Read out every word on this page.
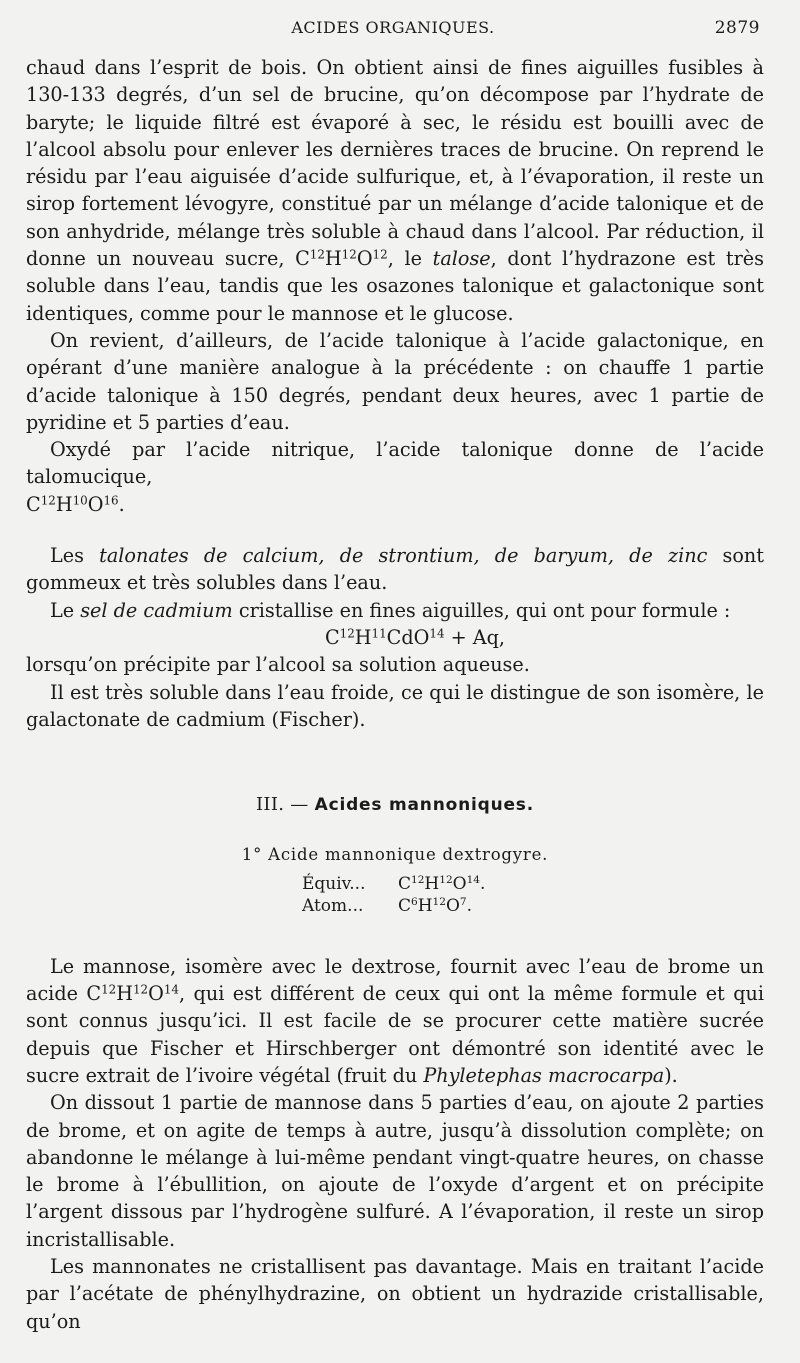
ACIDES ORGANIQUES.	2879

chaud dans l’esprit de bois. On obtient ainsi de fines aiguilles fusibles à 130-133 degrés, d’un sel de brucine, qu’on décompose par l’hydrate de baryte; le liquide filtré est évaporé à sec, le résidu est bouilli avec de l’alcool absolu pour enlever les dernières traces de brucine. On reprend le résidu par l’eau aiguisée d’acide sulfurique, et, à l’évaporation, il reste un sirop fortement lévogyre, constitué par un mélange d’acide talonique et de son anhydride, mélange très soluble à chaud dans l’alcool. Par réduction, il donne un nouveau sucre, $C^{12}H^{12}O^{12}$, le talose, dont l’hydrazone est très soluble dans l’eau, tandis que les osazones talonique et galactonique sont identiques, comme pour le mannose et le glucose.

On revient, d’ailleurs, de l’acide talonique à l’acide galactonique, en opérant d’une manière analogue à la précédente : on chauffe 1 partie d’acide talonique à 150 degrés, pendant deux heures, avec 1 partie de pyridine et 5 parties d’eau.

Oxydé par l’acide nitrique, l’acide talonique donne de l’acide talomucique,
$C^{12}H^{10}O^{16}$.

Les talonates de calcium, de strontium, de baryum, de zinc sont gommeux et très solubles dans l’eau.

Le sel de cadmium cristallise en fines aiguilles, qui ont pour formule :

$C^{12}H^{11}CdO^{14} + Aq$,

lorsqu’on précipite par l’alcool sa solution aqueuse.

Il est très soluble dans l’eau froide, ce qui le distingue de son isomère, le galactonate de cadmium (Fischer).

III. — Acides mannoniques.
1° Acide mannonique dextrogyre.
Équiv... $C^{12}H^{12}O^{14}$.
Atom... $C^6H^{12}O^7$.

Le mannose, isomère avec le dextrose, fournit avec l’eau de brome un acide $C^{12}H^{12}O^{14}$, qui est différent de ceux qui ont la même formule et qui sont connus jusqu’ici. Il est facile de se procurer cette matière sucrée depuis que Fischer et Hirschberger ont démontré son identité avec le sucre extrait de l’ivoire végétal (fruit du Phyletephas macrocarpa).

On dissout 1 partie de mannose dans 5 parties d’eau, on ajoute 2 parties de brome, et on agite de temps à autre, jusqu’à dissolution complète; on abandonne le mélange à lui-même pendant vingt-quatre heures, on chasse le brome à l’ébullition, on ajoute de l’oxyde d’argent et on précipite l’argent dissous par l’hydrogène sulfuré. A l’évaporation, il reste un sirop incristallisable.

Les mannonates ne cristallisent pas davantage. Mais en traitant l’acide par l’acétate de phénylhydrazine, on obtient un hydrazide cristallisable, qu’on
